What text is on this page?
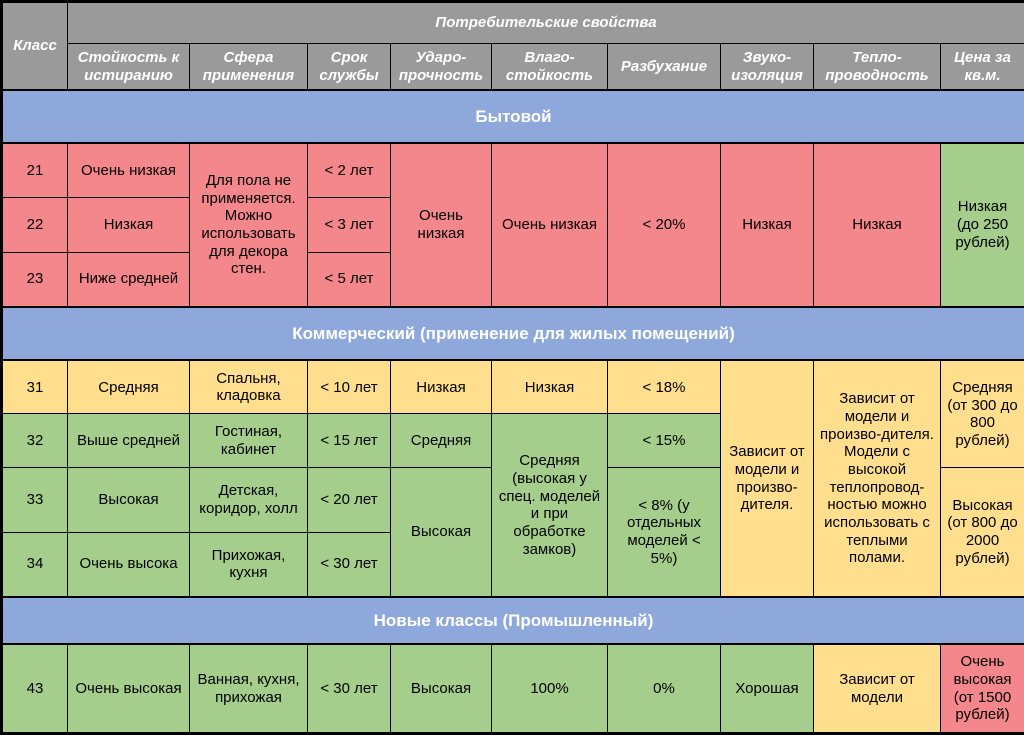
Класс	Потребительские свойства								
	Стойкость к истиранию	Сфера применения	Срок службы	Ударо-прочность	Влаго-стойкость	Разбухание	Звуко-изоляция	Тепло-проводность	Цена за кв.м.
Бытовой									
21	Очень низкая	Для пола не применяется. Можно использовать для декора стен.	< 2 лет	Очень низкая	Очень низкая	< 20%	Низкая	Низкая	Низкая (до 250 рублей)
22	Низкая		< 3 лет						
23	Ниже средней		< 5 лет						
Коммерческий (применение для жилых помещений)									
31	Средняя	Спальня, кладовка	< 10 лет	Низкая	Низкая	< 18%	Зависит от модели и произво-дителя.	Зависит от модели и произво-дителя. Модели с высокой теплопровод-ностью можно использовать с теплыми полами.	Средняя (от 300 до 800 рублей)
32	Выше средней	Гостиная, кабинет	< 15 лет	Средняя	Средняя (высокая у спец. моделей и при обработке замков)	< 15%			
33	Высокая	Детская, коридор, холл	< 20 лет	Высокая		< 8% (у отдельных моделей < 5%)			Высокая (от 800 до 2000 рублей)
34	Очень высока	Прихожая, кухня	< 30 лет						
Новые классы (Промышленный)									
43	Очень высокая	Ванная, кухня, прихожая	< 30 лет	Высокая	100%	0%	Хорошая	Зависит от модели	Очень высокая (от 1500 рублей)
